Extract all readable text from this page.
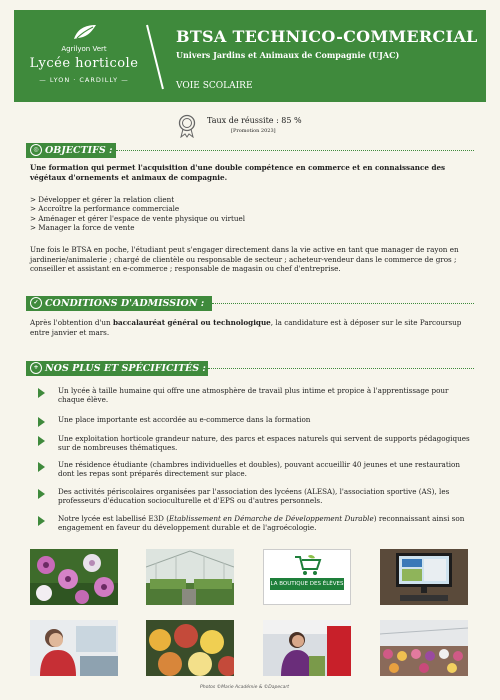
Agrilyon Vert
Lycée horticole
— LYON · CARDILLY —
BTSA TECHNICO-COMMERCIAL
Univers Jardins et Animaux de Compagnie (UJAC)
VOIE SCOLAIRE
Taux de réussite : 85 %
[Promotion 2023]
◎ OBJECTIFS :
Une formation qui permet l'acquisition d'une double compétence en commerce et en connaissance des végétaux d'ornements et animaux de compagnie.
> Développer et gérer la relation client
> Accroître la performance commerciale
> Aménager et gérer l'espace de vente physique ou virtuel
> Manager la force de vente
Une fois le BTSA en poche, l'étudiant peut s'engager directement dans la vie active en tant que manager de rayon en jardinerie/animalerie ; chargé de clientèle ou responsable de secteur ; acheteur-vendeur dans le commerce de gros ; conseiller et assistant en e-commerce ; responsable de magasin ou chef d'entreprise.
✓ CONDITIONS D'ADMISSION :
Après l'obtention d'un baccalauréat général ou technologique, la candidature est à déposer sur le site Parcoursup entre janvier et mars.
+ NOS PLUS ET SPÉCIFICITÉS :
Un lycée à taille humaine qui offre une atmosphère de travail plus intime et propice à l'apprentissage pour chaque élève.
Une place importante est accordée au e-commerce dans la formation
Une exploitation horticole grandeur nature, des parcs et espaces naturels qui servent de supports pédagogiques sur de nombreuses thématiques.
Une résidence étudiante (chambres individuelles et doubles), pouvant accueillir 40 jeunes et une restauration dont les repas sont préparés directement sur place.
Des activités périscolaires organisées par l'association des lycéens (ALESA), l'association sportive (AS), les professeurs d'éducation socioculturelle et d'EPS ou d'autres personnels.
Notre lycée est labellisé E3D (Etablissement en Démarche de Développement Durable) reconnaissant ainsi son engagement en faveur du développement durable et de l'agroécologie.
LA BOUTIQUE DES ÉLÈVES
Photos ©Marie Académie & ©Dapecart
